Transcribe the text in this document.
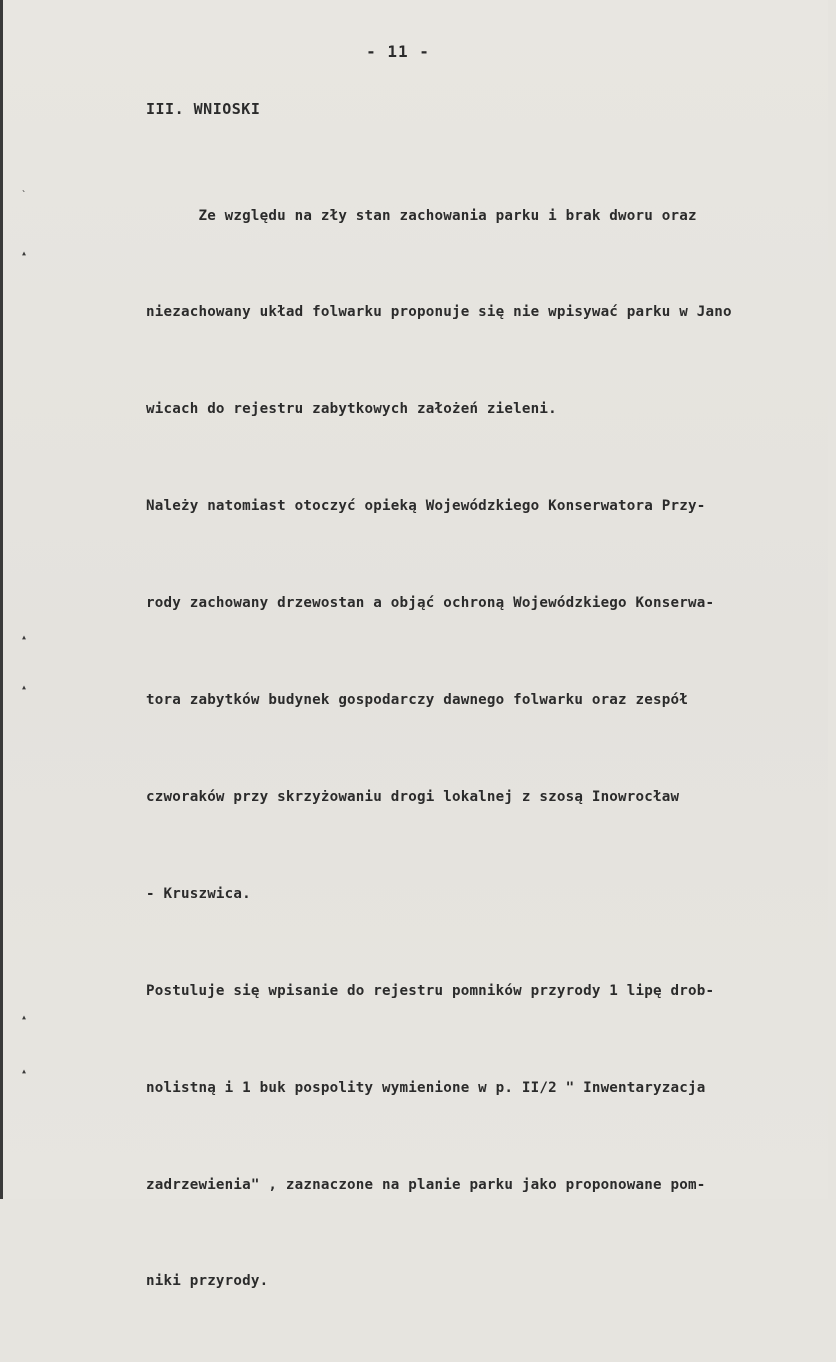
- 11 -
III. WNIOSKI

Ze względu na zły stan zachowania parku i brak dworu oraz

niezachowany układ folwarku proponuje się nie wpisywać parku w Jano

wicach do rejestru zabytkowych założeń zieleni.

Należy natomiast otoczyć opieką Wojewódzkiego Konserwatora Przy-

rody zachowany drzewostan a objąć ochroną Wojewódzkiego Konserwa-

tora zabytków budynek gospodarczy dawnego folwarku oraz zespół

czworaków przy skrzyżowaniu drogi lokalnej z szosą Inowrocław

- Kruszwica.

Postuluje się wpisanie do rejestru pomników przyrody 1 lipę drob-

nolistną i 1 buk pospolity wymienione w p. II/2 " Inwentaryzacja

zadrzewienia" , zaznaczone na planie parku jako proponowane pom-

niki przyrody.

`
▴
▴
▴
▴
▴
